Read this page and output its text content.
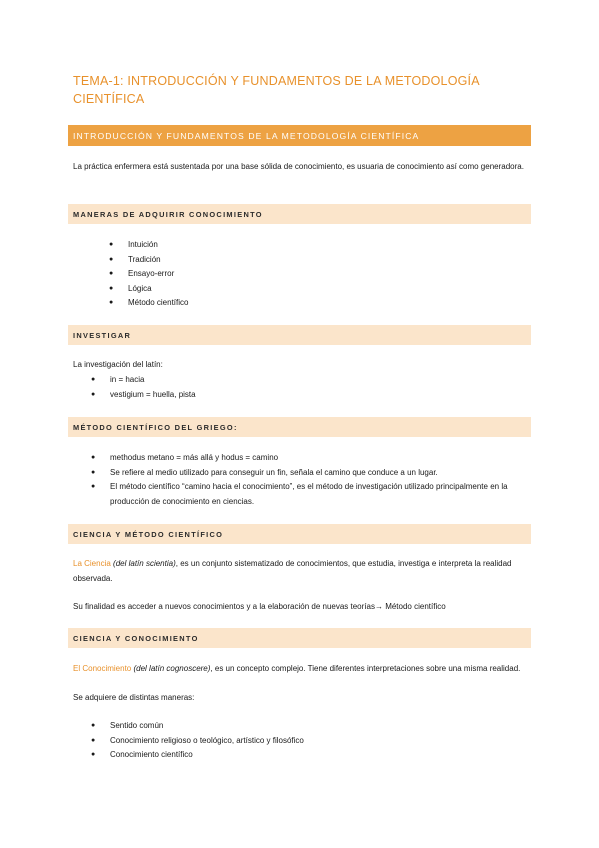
TEMA-1: INTRODUCCIÓN Y FUNDAMENTOS DE LA METODOLOGÍA CIENTÍFICA
INTRODUCCIÓN Y FUNDAMENTOS DE LA METODOLOGÍA CIENTÍFICA
La práctica enfermera está sustentada por una base sólida de conocimiento, es usuaria de conocimiento así como generadora.
MANERAS DE ADQUIRIR CONOCIMIENTO
● Intuición
● Tradición
● Ensayo-error
● Lógica
● Método científico
INVESTIGAR
La investigación del latín:
● in = hacia
● vestigium = huella, pista
MÉTODO CIENTÍFICO DEL GRIEGO:
● methodus metano = más allá y hodus = camino
● Se refiere al medio utilizado para conseguir un fin, señala el camino que conduce a un lugar.
● El método científico “camino hacia el conocimiento”, es el método de investigación utilizado principalmente en la producción de conocimiento en ciencias.
CIENCIA Y MÉTODO CIENTÍFICO
La Ciencia (del latín scientia), es un conjunto sistematizado de conocimientos, que estudia, investiga e interpreta la realidad observada.
Su finalidad es acceder a nuevos conocimientos y a la elaboración de nuevas teorías→ Método científico
CIENCIA Y CONOCIMIENTO
El Conocimiento (del latín cognoscere), es un concepto complejo. Tiene diferentes interpretaciones sobre una misma realidad.
Se adquiere de distintas maneras:
● Sentido común
● Conocimiento religioso o teológico, artístico y filosófico
● Conocimiento científico
